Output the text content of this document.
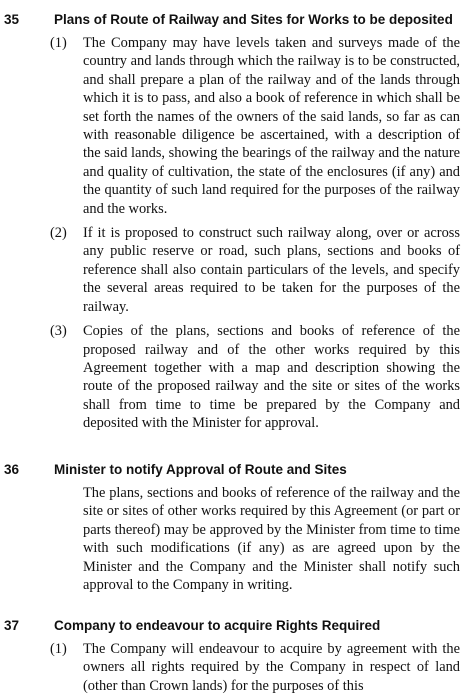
35	Plans of Route of Railway and Sites for Works to be deposited
(1) The Company may have levels taken and surveys made of the country and lands through which the railway is to be constructed, and shall prepare a plan of the railway and of the lands through which it is to pass, and also a book of reference in which shall be set forth the names of the owners of the said lands, so far as can with reasonable diligence be ascertained, with a description of the said lands, showing the bearings of the railway and the nature and quality of cultivation, the state of the enclosures (if any) and the quantity of such land required for the purposes of the railway and the works.
(2) If it is proposed to construct such railway along, over or across any public reserve or road, such plans, sections and books of reference shall also contain particulars of the levels, and specify the several areas required to be taken for the purposes of the railway.
(3) Copies of the plans, sections and books of reference of the proposed railway and of the other works required by this Agreement together with a map and description showing the route of the proposed railway and the site or sites of the works shall from time to time be prepared by the Company and deposited with the Minister for approval.
36	Minister to notify Approval of Route and Sites
The plans, sections and books of reference of the railway and the site or sites of other works required by this Agreement (or part or parts thereof) may be approved by the Minister from time to time with such modifications (if any) as are agreed upon by the Minister and the Company and the Minister shall notify such approval to the Company in writing.
37	Company to endeavour to acquire Rights Required
(1) The Company will endeavour to acquire by agreement with the owners all rights required by the Company in respect of land (other than Crown lands) for the purposes of this
